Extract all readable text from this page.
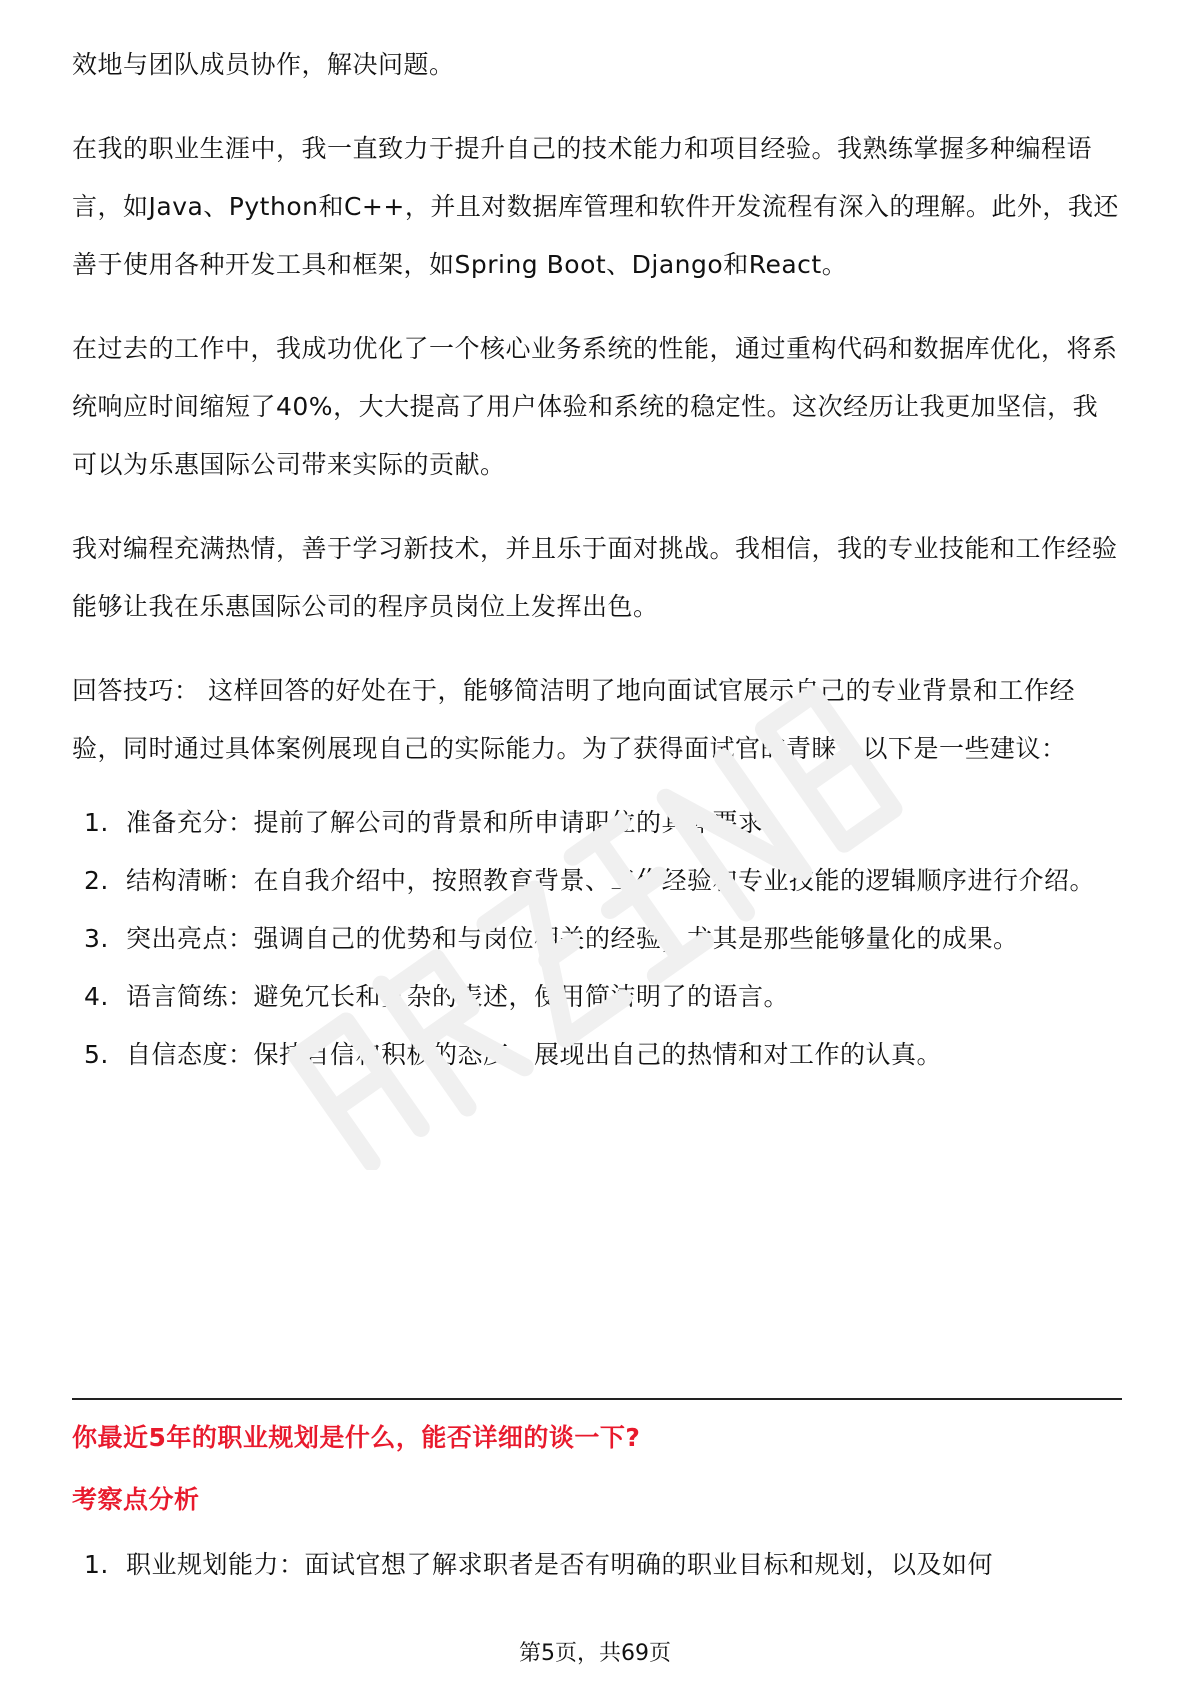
效地与团队成员协作，解决问题。

在我的职业生涯中，我一直致力于提升自己的技术能力和项目经验。我熟练掌握多种编程语言，如Java、Python和C++，并且对数据库管理和软件开发流程有深入的理解。此外，我还善于使用各种开发工具和框架，如Spring Boot、Django和React。

在过去的工作中，我成功优化了一个核心业务系统的性能，通过重构代码和数据库优化，将系统响应时间缩短了40%，大大提高了用户体验和系统的稳定性。这次经历让我更加坚信，我可以为乐惠国际公司带来实际的贡献。

我对编程充满热情，善于学习新技术，并且乐于面对挑战。我相信，我的专业技能和工作经验能够让我在乐惠国际公司的程序员岗位上发挥出色。

回答技巧： 这样回答的好处在于，能够简洁明了地向面试官展示自己的专业背景和工作经验，同时通过具体案例展现自己的实际能力。为了获得面试官的青睐，以下是一些建议：

1. 准备充分：提前了解公司的背景和所申请职位的具体要求。
2. 结构清晰：在自我介绍中，按照教育背景、工作经验和专业技能的逻辑顺序进行介绍。
3. 突出亮点：强调自己的优势和与岗位相关的经验，尤其是那些能够量化的成果。
4. 语言简练：避免冗长和复杂的表述，使用简洁明了的语言。
5. 自信态度：保持自信和积极的态度，展现出自己的热情和对工作的认真。
你最近5年的职业规划是什么，能否详细的谈一下?
考察点分析
1. 职业规划能力：面试官想了解求职者是否有明确的职业目标和规划，以及如何
第5页，共69页
